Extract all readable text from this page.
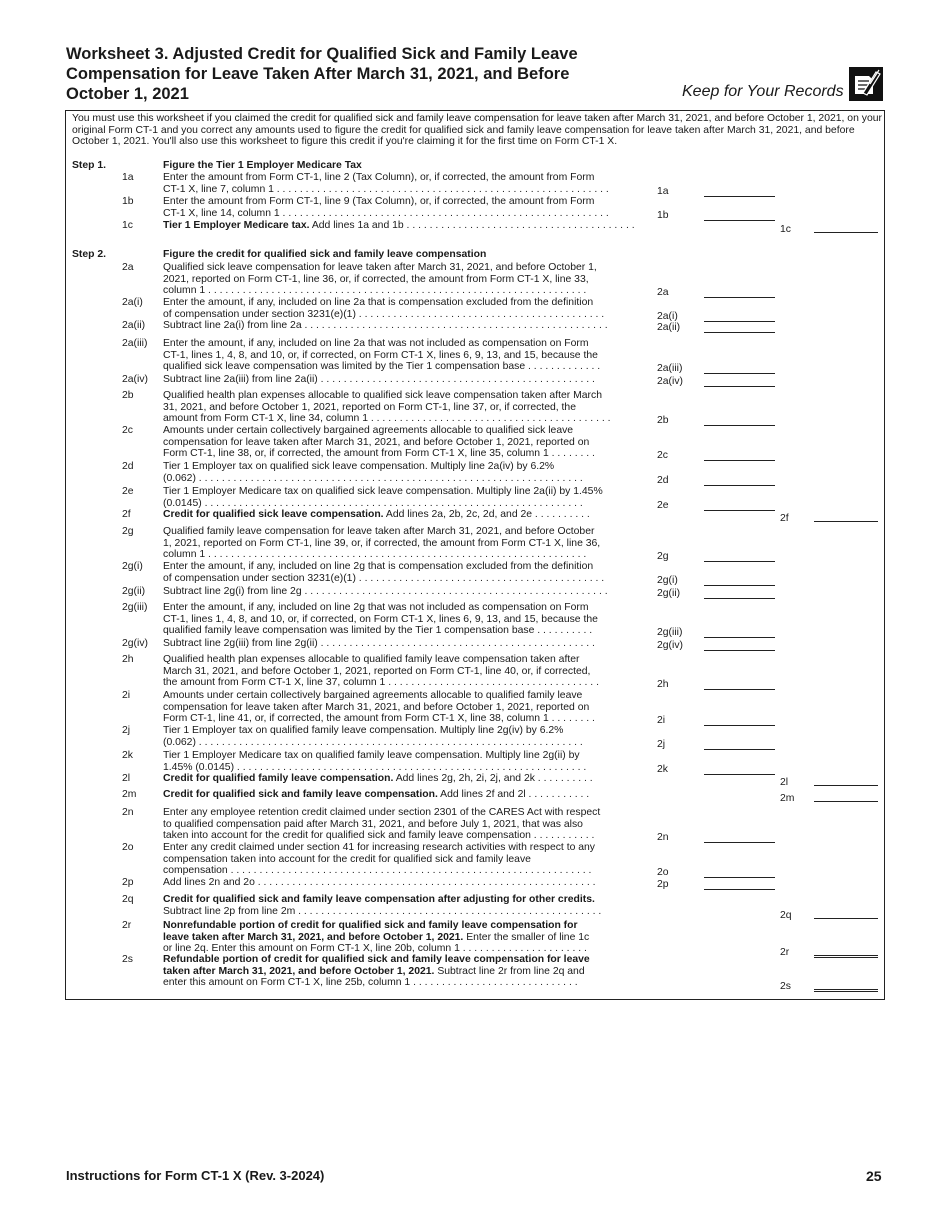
Worksheet 3. Adjusted Credit for Qualified Sick and Family Leave
Compensation for Leave Taken After March 31, 2021, and Before
October 1, 2021	Keep for Your Records
You must use this worksheet if you claimed the credit for qualified sick and family leave compensation for leave taken after March 31, 2021, and before October 1, 2021, on your original Form CT-1 and you correct any amounts used to figure the credit for qualified sick and family leave compensation for leave taken after March 31, 2021, and before October 1, 2021. You'll also use this worksheet to figure this credit if you're claiming it for the first time on Form CT-1 X.
Step 1.	Figure the Tier 1 Employer Medicare Tax
Step 2.	Figure the credit for qualified sick and family leave compensation
1a	Enter the amount from Form CT-1, line 2 (Tax Column), or, if corrected, the amount from Form
CT-1 X, line 7, column 1 . . . . . . . . . . . . . . . . . . . . . . . . . . . . . . . . . . . . . . . . . . . . . . . . . . . . . . . . . .	1a
1b	Enter the amount from Form CT-1, line 9 (Tax Column), or, if corrected, the amount from Form
CT-1 X, line 14, column 1 . . . . . . . . . . . . . . . . . . . . . . . . . . . . . . . . . . . . . . . . . . . . . . . . . . . . . . . . .	1b
1c	Tier 1 Employer Medicare tax. Add lines 1a and 1b . . . . . . . . . . . . . . . . . . . . . . . . . . . . . . . . . . . . . . . .	1c
2a	Qualified sick leave compensation for leave taken after March 31, 2021, and before October 1,
2021, reported on Form CT-1, line 36, or, if corrected, the amount from Form CT-1 X, line 33,
column 1 . . . . . . . . . . . . . . . . . . . . . . . . . . . . . . . . . . . . . . . . . . . . . . . . . . . . . . . . . . . . . . . . . .	2a
2a(i) Enter the amount, if any, included on line 2a that is compensation excluded from the definition
of compensation under section 3231(e)(1) . . . . . . . . . . . . . . . . . . . . . . . . . . . . . . . . . . . . . . . . . . .	2a(i)
2a(ii) Subtract line 2a(i) from line 2a . . . . . . . . . . . . . . . . . . . . . . . . . . . . . . . . . . . . . . . . . . . . . . . . . . . . .	2a(ii)
2a(iii) Enter the amount, if any, included on line 2a that was not included as compensation on Form
CT-1, lines 1, 4, 8, and 10, or, if corrected, on Form CT-1 X, lines 6, 9, 13, and 15, because the
qualified sick leave compensation was limited by the Tier 1 compensation base . . . . . . . . . . . . .	2a(iii)
2a(iv) Subtract line 2a(iii) from line 2a(ii) . . . . . . . . . . . . . . . . . . . . . . . . . . . . . . . . . . . . . . . . . . . . . . . .	2a(iv)
2b	Qualified health plan expenses allocable to qualified sick leave compensation taken after March
31, 2021, and before October 1, 2021, reported on Form CT-1, line 37, or, if corrected, the
amount from Form CT-1 X, line 34, column 1 . . . . . . . . . . . . . . . . . . . . . . . . . . . . . . . . . . . . . . . . . .	2b
2c	Amounts under certain collectively bargained agreements allocable to qualified sick leave
compensation for leave taken after March 31, 2021, and before October 1, 2021, reported on
Form CT-1, line 38, or, if corrected, the amount from Form CT-1 X, line 35, column 1 . . . . . . . .	2c
2d	Tier 1 Employer tax on qualified sick leave compensation. Multiply line 2a(iv) by 6.2%
(0.062) . . . . . . . . . . . . . . . . . . . . . . . . . . . . . . . . . . . . . . . . . . . . . . . . . . . . . . . . . . . . . . . . . . .	2d
2e	Tier 1 Employer Medicare tax on qualified sick leave compensation. Multiply line 2a(ii) by 1.45%
(0.0145) . . . . . . . . . . . . . . . . . . . . . . . . . . . . . . . . . . . . . . . . . . . . . . . . . . . . . . . . . . . . . . . . . .	2e
2f	Credit for qualified sick leave compensation. Add lines 2a, 2b, 2c, 2d, and 2e . . . . . . . . . .	2f
2g	Qualified family leave compensation for leave taken after March 31, 2021, and before October
1, 2021, reported on Form CT-1, line 39, or, if corrected, the amount from Form CT-1 X, line 36,
column 1 . . . . . . . . . . . . . . . . . . . . . . . . . . . . . . . . . . . . . . . . . . . . . . . . . . . . . . . . . . . . . . . . . .	2g
2g(i) Enter the amount, if any, included on line 2g that is compensation excluded from the definition
of compensation under section 3231(e)(1) . . . . . . . . . . . . . . . . . . . . . . . . . . . . . . . . . . . . . . . . . . .	2g(i)
2g(ii) Subtract line 2g(i) from line 2g . . . . . . . . . . . . . . . . . . . . . . . . . . . . . . . . . . . . . . . . . . . . . . . . . . . . .	2g(ii)
2g(iii) Enter the amount, if any, included on line 2g that was not included as compensation on Form
CT-1, lines 1, 4, 8, and 10, or, if corrected, on Form CT-1 X, lines 6, 9, 13, and 15, because the
qualified family leave compensation was limited by the Tier 1 compensation base . . . . . . . . . .	2g(iii)
2g(iv) Subtract line 2g(iii) from line 2g(ii) . . . . . . . . . . . . . . . . . . . . . . . . . . . . . . . . . . . . . . . . . . . . . . . .	2g(iv)
2h	Qualified health plan expenses allocable to qualified family leave compensation taken after
March 31, 2021, and before October 1, 2021, reported on Form CT-1, line 40, or, if corrected,
the amount from Form CT-1 X, line 37, column 1 . . . . . . . . . . . . . . . . . . . . . . . . . . . . . . . . . . . . .	2h
2i	Amounts under certain collectively bargained agreements allocable to qualified family leave
compensation for leave taken after March 31, 2021, and before October 1, 2021, reported on
Form CT-1, line 41, or, if corrected, the amount from Form CT-1 X, line 38, column 1 . . . . . . . .	2i
2j	Tier 1 Employer tax on qualified family leave compensation. Multiply line 2g(iv) by 6.2%
(0.062) . . . . . . . . . . . . . . . . . . . . . . . . . . . . . . . . . . . . . . . . . . . . . . . . . . . . . . . . . . . . . . . . . . .	2j
2k	Tier 1 Employer Medicare tax on qualified family leave compensation. Multiply line 2g(ii) by
1.45% (0.0145) . . . . . . . . . . . . . . . . . . . . . . . . . . . . . . . . . . . . . . . . . . . . . . . . . . . . . . . . . . . . .	2k
2l	Credit for qualified family leave compensation. Add lines 2g, 2h, 2i, 2j, and 2k . . . . . . . . . .	2l
2m	Credit for qualified sick and family leave compensation. Add lines 2f and 2l . . . . . . . . . . .	2m
2n	Enter any employee retention credit claimed under section 2301 of the CARES Act with respect
to qualified compensation paid after March 31, 2021, and before July 1, 2021, that was also
taken into account for the credit for qualified sick and family leave compensation . . . . . . . . . . .	2n
2o	Enter any credit claimed under section 41 for increasing research activities with respect to any
compensation taken into account for the credit for qualified sick and family leave
compensation . . . . . . . . . . . . . . . . . . . . . . . . . . . . . . . . . . . . . . . . . . . . . . . . . . . . . . . . . . . . . . .	2o
2p	Add lines 2n and 2o . . . . . . . . . . . . . . . . . . . . . . . . . . . . . . . . . . . . . . . . . . . . . . . . . . . . . . . . . . .	2p
2q	Credit for qualified sick and family leave compensation after adjusting for other credits.
Subtract line 2p from line 2m . . . . . . . . . . . . . . . . . . . . . . . . . . . . . . . . . . . . . . . . . . . . . . . . . . . . .	2q
2r	Nonrefundable portion of credit for qualified sick and family leave compensation for
leave taken after March 31, 2021, and before October 1, 2021. Enter the smaller of line 1c
or line 2q. Enter this amount on Form CT-1 X, line 20b, column 1 . . . . . . . . . . . . . . . . . . . . . .	2r
2s	Refundable portion of credit for qualified sick and family leave compensation for leave
taken after March 31, 2021, and before October 1, 2021. Subtract line 2r from line 2q and
enter this amount on Form CT-1 X, line 25b, column 1 . . . . . . . . . . . . . . . . . . . . . . . . . . . . .	2s
Instructions for Form CT-1 X (Rev. 3-2024)	25
